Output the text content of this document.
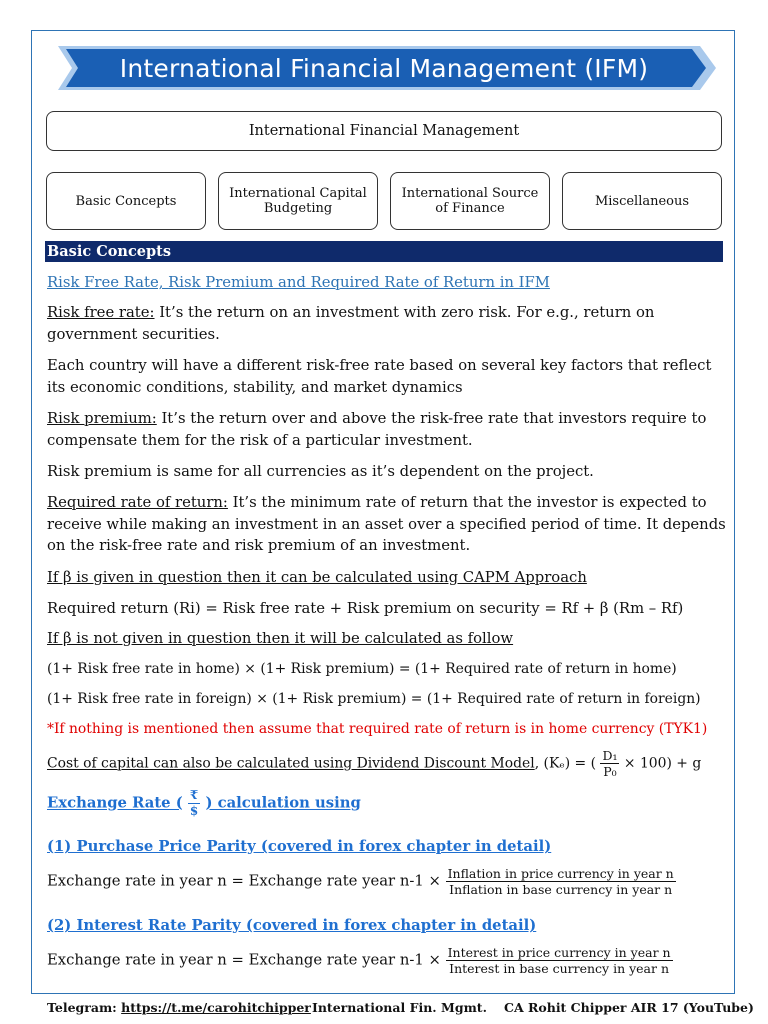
International Financial Management (IFM)
International Financial Management
Basic Concepts	International Capital Budgeting
International Source of Finance	Miscellaneous
Basic Concepts

Risk Free Rate, Risk Premium and Required Rate of Return in IFM

Risk free rate: It’s the return on an investment with zero risk. For e.g., return on government securities.

Each country will have a different risk-free rate based on several key factors that reflect its economic conditions, stability, and market dynamics

Risk premium: It’s the return over and above the risk-free rate that investors require to compensate them for the risk of a particular investment.

Risk premium is same for all currencies as it’s dependent on the project.

Required rate of return: It’s the minimum rate of return that the investor is expected to receive while making an investment in an asset over a specified period of time. It depends on the risk-free rate and risk premium of an investment.

If β is given in question then it can be calculated using CAPM Approach

Required return (Ri) = Risk free rate + Risk premium on security = Rf + β (Rm – Rf)

If β is not given in question then it will be calculated as follow

(1+ Risk free rate in home) × (1+ Risk premium) = (1+ Required rate of return in home)

(1+ Risk free rate in foreign) × (1+ Risk premium) = (1+ Required rate of return in foreign)

*If nothing is mentioned then assume that required rate of return is in home currency (TYK1)

Cost of capital can also be calculated using Dividend Discount Model, (Kₑ) = ( $\frac{\text{D₁}}{\text{P₀}} \times 100) + g$

Exchange Rate ( $\frac{₹}{\$}$ ) calculation using

(1) Purchase Price Parity (covered in forex chapter in detail)

Exchange rate in year n = Exchange rate year $n-1 \times \frac{\text{Inflation in price currency in year n}}{\text{Inflation in base currency in year n}}$

(2) Interest Rate Parity (covered in forex chapter in detail)

Exchange rate in year n = Exchange rate year $n-1 \times \frac{\text{Interest in price currency in year n}}{\text{Interest in base currency in year n}}$

Telegram: https://t.me/carohitchipper International Fin. Mgmt. CA Rohit Chipper AIR 17 (YouTube)
